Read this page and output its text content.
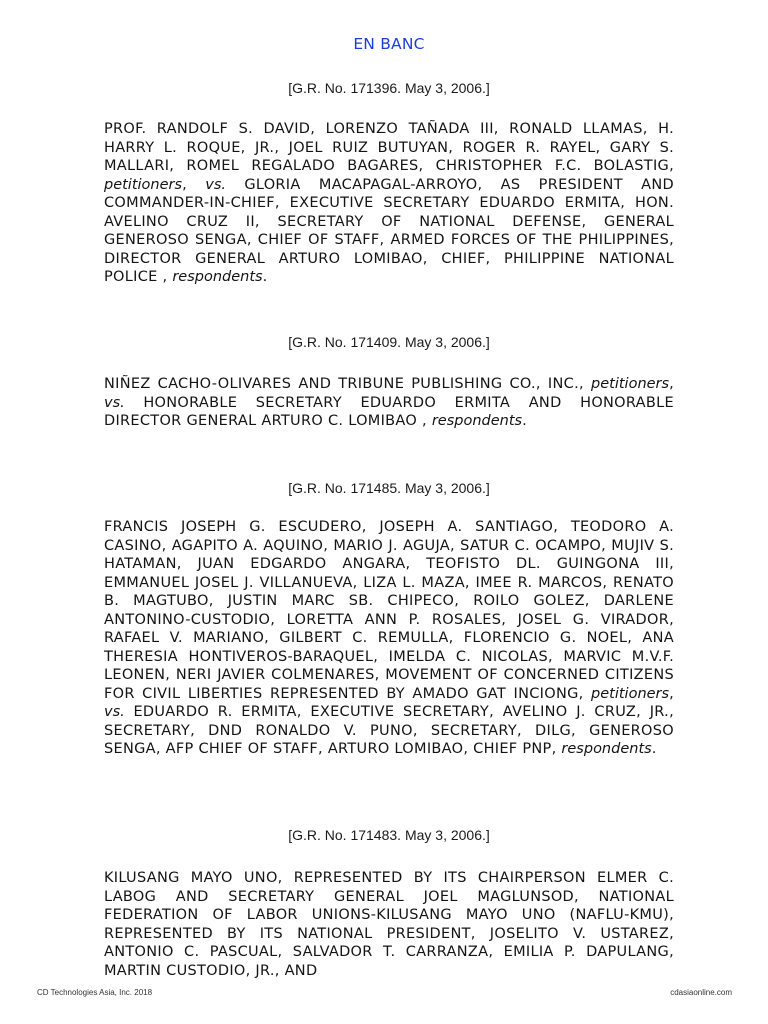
EN BANC
[G.R. No. 171396. May 3, 2006.]
PROF. RANDOLF S. DAVID, LORENZO TAÑADA III, RONALD LLAMAS, H. HARRY L. ROQUE, JR., JOEL RUIZ BUTUYAN, ROGER R. RAYEL, GARY S. MALLARI, ROMEL REGALADO BAGARES, CHRISTOPHER F.C. BOLASTIG, petitioners, vs. GLORIA MACAPAGAL-ARROYO, AS PRESIDENT AND COMMANDER-IN-CHIEF, EXECUTIVE SECRETARY EDUARDO ERMITA, HON. AVELINO CRUZ II, SECRETARY OF NATIONAL DEFENSE, GENERAL GENEROSO SENGA, CHIEF OF STAFF, ARMED FORCES OF THE PHILIPPINES, DIRECTOR GENERAL ARTURO LOMIBAO, CHIEF, PHILIPPINE NATIONAL POLICE , respondents.
[G.R. No. 171409. May 3, 2006.]
NIÑEZ CACHO-OLIVARES AND TRIBUNE PUBLISHING CO., INC., petitioners, vs. HONORABLE SECRETARY EDUARDO ERMITA AND HONORABLE DIRECTOR GENERAL ARTURO C. LOMIBAO , respondents.
[G.R. No. 171485. May 3, 2006.]
FRANCIS JOSEPH G. ESCUDERO, JOSEPH A. SANTIAGO, TEODORO A. CASINO, AGAPITO A. AQUINO, MARIO J. AGUJA, SATUR C. OCAMPO, MUJIV S. HATAMAN, JUAN EDGARDO ANGARA, TEOFISTO DL. GUINGONA III, EMMANUEL JOSEL J. VILLANUEVA, LIZA L. MAZA, IMEE R. MARCOS, RENATO B. MAGTUBO, JUSTIN MARC SB. CHIPECO, ROILO GOLEZ, DARLENE ANTONINO-CUSTODIO, LORETTA ANN P. ROSALES, JOSEL G. VIRADOR, RAFAEL V. MARIANO, GILBERT C. REMULLA, FLORENCIO G. NOEL, ANA THERESIA HONTIVEROS-BARAQUEL, IMELDA C. NICOLAS, MARVIC M.V.F. LEONEN, NERI JAVIER COLMENARES, MOVEMENT OF CONCERNED CITIZENS FOR CIVIL LIBERTIES REPRESENTED BY AMADO GAT INCIONG, petitioners, vs. EDUARDO R. ERMITA, EXECUTIVE SECRETARY, AVELINO J. CRUZ, JR., SECRETARY, DND RONALDO V. PUNO, SECRETARY, DILG, GENEROSO SENGA, AFP CHIEF OF STAFF, ARTURO LOMIBAO, CHIEF PNP, respondents.
[G.R. No. 171483. May 3, 2006.]
KILUSANG MAYO UNO, REPRESENTED BY ITS CHAIRPERSON ELMER C. LABOG AND SECRETARY GENERAL JOEL MAGLUNSOD, NATIONAL FEDERATION OF LABOR UNIONS-KILUSANG MAYO UNO (NAFLU-KMU), REPRESENTED BY ITS NATIONAL PRESIDENT, JOSELITO V. USTAREZ, ANTONIO C. PASCUAL, SALVADOR T. CARRANZA, EMILIA P. DAPULANG, MARTIN CUSTODIO, JR., AND
CD Technologies Asia, Inc. 2018	cdasiaonline.com
